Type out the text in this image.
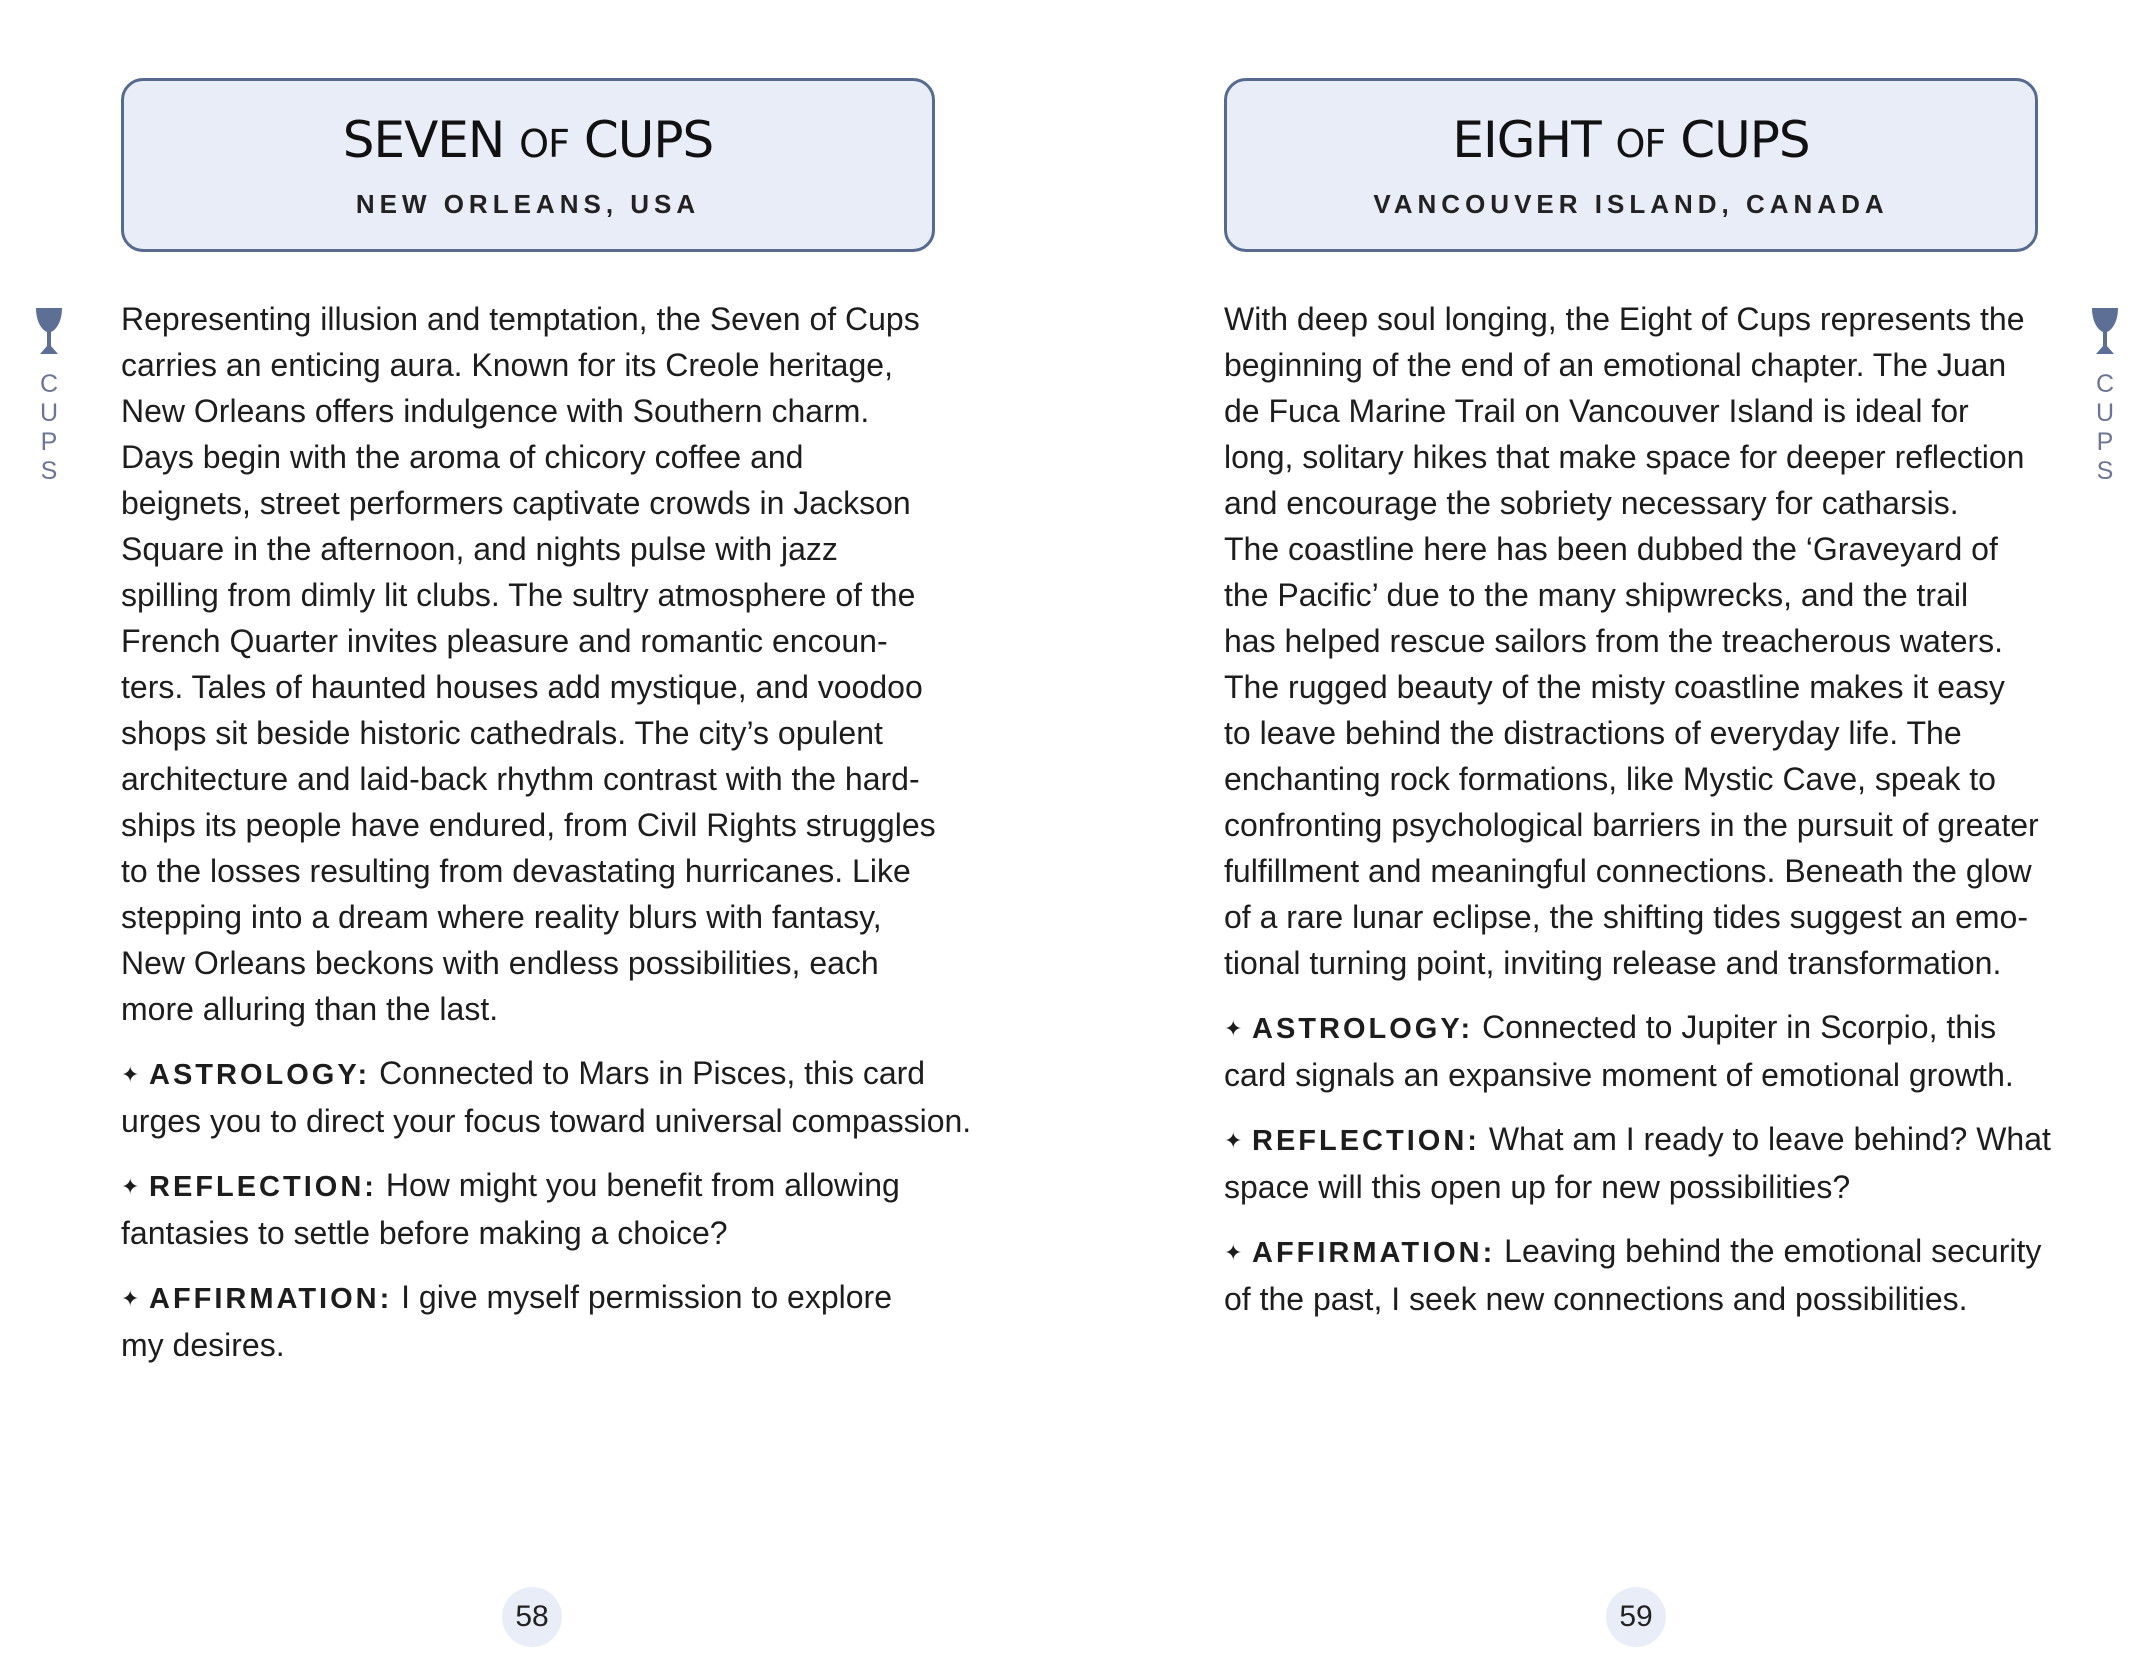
SEVEN OF CUPS
NEW ORLEANS, USA
C
U
P
S
Representing illusion and temptation, the Seven of Cups
carries an enticing aura. Known for its Creole heritage,
New Orleans offers indulgence with Southern charm.
Days begin with the aroma of chicory coffee and
beignets, street performers captivate crowds in Jackson
Square in the afternoon, and nights pulse with jazz
spilling from dimly lit clubs. The sultry atmosphere of the
French Quarter invites pleasure and romantic encoun-
ters. Tales of haunted houses add mystique, and voodoo
shops sit beside historic cathedrals. The city’s opulent
architecture and laid-back rhythm contrast with the hard-
ships its people have endured, from Civil Rights struggles
to the losses resulting from devastating hurricanes. Like
stepping into a dream where reality blurs with fantasy,
New Orleans beckons with endless possibilities, each
more alluring than the last.
✦ ASTROLOGY: Connected to Mars in Pisces, this card
urges you to direct your focus toward universal compassion.
✦ REFLECTION: How might you benefit from allowing
fantasies to settle before making a choice?
✦ AFFIRMATION: I give myself permission to explore
my desires.
58
EIGHT OF CUPS
VANCOUVER ISLAND, CANADA
C
U
P
S
With deep soul longing, the Eight of Cups represents the
beginning of the end of an emotional chapter. The Juan
de Fuca Marine Trail on Vancouver Island is ideal for
long, solitary hikes that make space for deeper reflection
and encourage the sobriety necessary for catharsis.
The coastline here has been dubbed the ‘Graveyard of
the Pacific’ due to the many shipwrecks, and the trail
has helped rescue sailors from the treacherous waters.
The rugged beauty of the misty coastline makes it easy
to leave behind the distractions of everyday life. The
enchanting rock formations, like Mystic Cave, speak to
confronting psychological barriers in the pursuit of greater
fulfillment and meaningful connections. Beneath the glow
of a rare lunar eclipse, the shifting tides suggest an emo-
tional turning point, inviting release and transformation.
✦ ASTROLOGY: Connected to Jupiter in Scorpio, this
card signals an expansive moment of emotional growth.
✦ REFLECTION: What am I ready to leave behind? What
space will this open up for new possibilities?
✦ AFFIRMATION: Leaving behind the emotional security
of the past, I seek new connections and possibilities.
59
